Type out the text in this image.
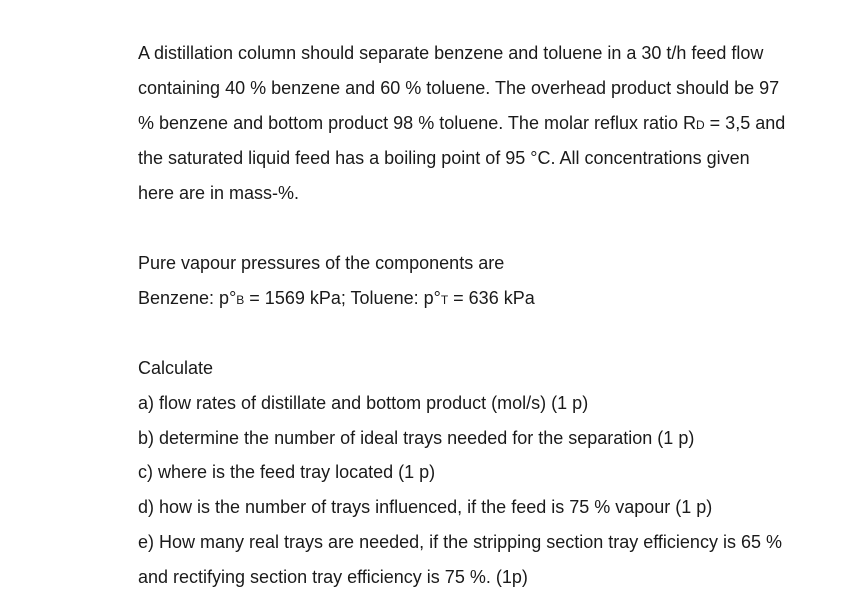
A distillation column should separate benzene and toluene in a 30 t/h feed flow
containing 40 % benzene and 60 % toluene. The overhead product should be 97
% benzene and bottom product 98 % toluene. The molar reflux ratio RD = 3,5 and
the saturated liquid feed has a boiling point of 95 °C. All concentrations given
here are in mass-%.
Pure vapour pressures of the components are
Benzene: p°B = 1569 kPa; Toluene: p°T = 636 kPa
Calculate
a) flow rates of distillate and bottom product (mol/s) (1 p)
b) determine the number of ideal trays needed for the separation (1 p)
c) where is the feed tray located (1 p)
d) how is the number of trays influenced, if the feed is 75 % vapour (1 p)
e) How many real trays are needed, if the stripping section tray efficiency is 65 %
and rectifying section tray efficiency is 75 %. (1p)
